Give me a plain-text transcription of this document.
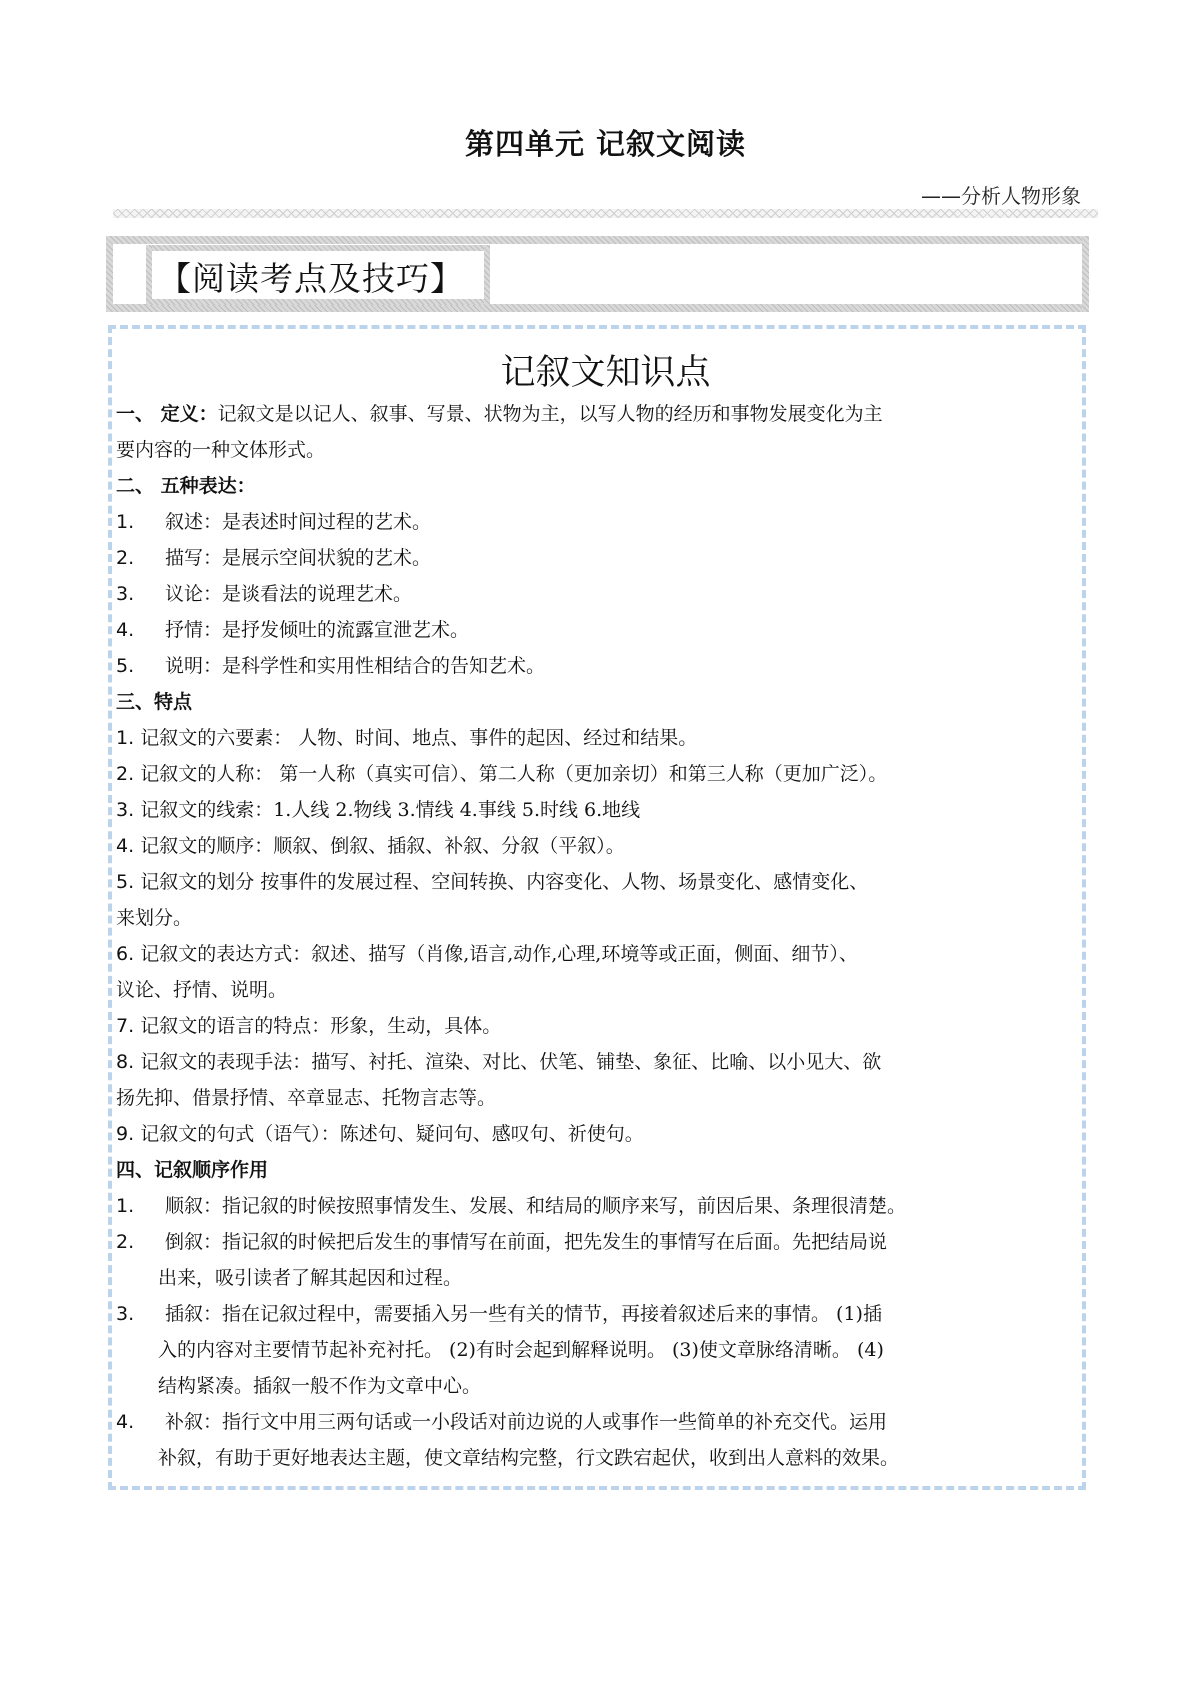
第四单元 记叙文阅读
——分析人物形象
【阅读考点及技巧】
记叙文知识点
一、 定义：记叙文是以记人、叙事、写景、状物为主，以写人物的经历和事物发展变化为主
要内容的一种文体形式。
二、 五种表达：
1. 叙述：是表述时间过程的艺术。
2. 描写：是展示空间状貌的艺术。
3. 议论：是谈看法的说理艺术。
4. 抒情：是抒发倾吐的流露宣泄艺术。
5. 说明：是科学性和实用性相结合的告知艺术。
三、特点
1. 记叙文的六要素： 人物、时间、地点、事件的起因、经过和结果。
2. 记叙文的人称： 第一人称（真实可信）、第二人称（更加亲切）和第三人称（更加广泛）。
3. 记叙文的线索：1.人线 2.物线 3.情线 4.事线 5.时线 6.地线
4. 记叙文的顺序：顺叙、倒叙、插叙、补叙、分叙（平叙）。
5. 记叙文的划分 按事件的发展过程、空间转换、内容变化、人物、场景变化、感情变化、
来划分。
6. 记叙文的表达方式：叙述、描写（肖像,语言,动作,心理,环境等或正面，侧面、细节）、
议论、抒情、说明。
7. 记叙文的语言的特点：形象，生动，具体。
8. 记叙文的表现手法：描写、衬托、渲染、对比、伏笔、铺垫、象征、比喻、以小见大、欲
扬先抑、借景抒情、卒章显志、托物言志等。
9. 记叙文的句式（语气）：陈述句、疑问句、感叹句、祈使句。
四、记叙顺序作用
1. 顺叙：指记叙的时候按照事情发生、发展、和结局的顺序来写，前因后果、条理很清楚。
2. 倒叙：指记叙的时候把后发生的事情写在前面，把先发生的事情写在后面。先把结局说
出来，吸引读者了解其起因和过程。
3. 插叙：指在记叙过程中，需要插入另一些有关的情节，再接着叙述后来的事情。 (1)插
入的内容对主要情节起补充衬托。 (2)有时会起到解释说明。 (3)使文章脉络清晰。 (4)
结构紧凑。插叙一般不作为文章中心。
4. 补叙：指行文中用三两句话或一小段话对前边说的人或事作一些简单的补充交代。运用
补叙，有助于更好地表达主题，使文章结构完整，行文跌宕起伏，收到出人意料的效果。
